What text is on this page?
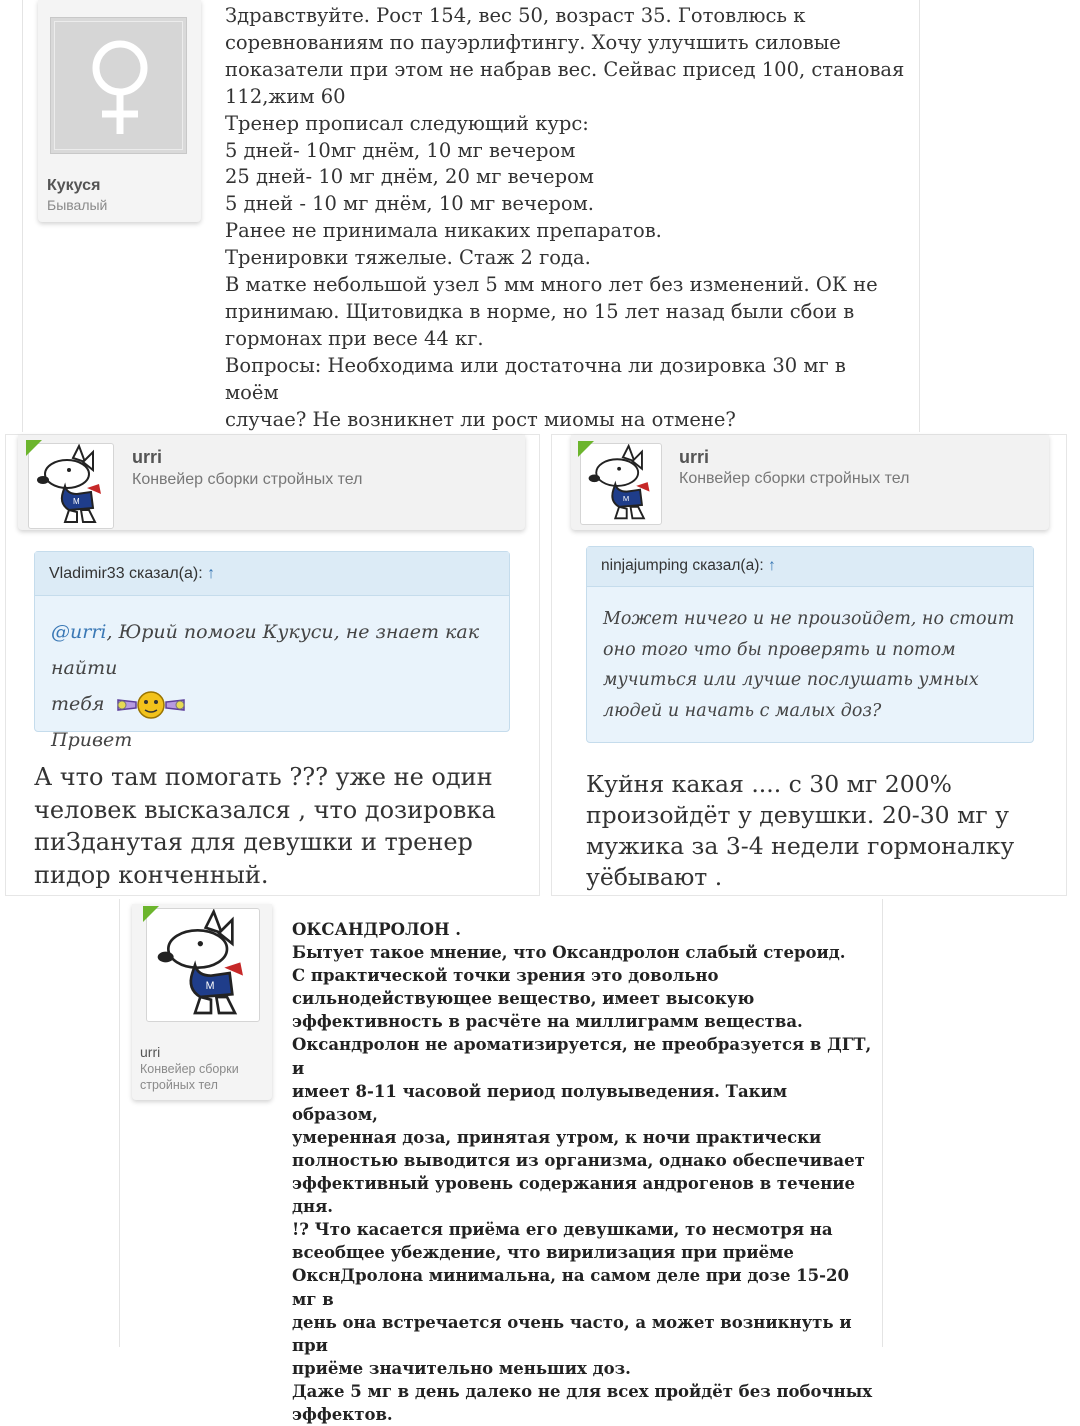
Кукуся
Бывалый
Здравствуйте. Рост 154, вес 50, возраст 35. Готовлюсь к
соревнованиям по пауэрлифтингу. Хочу улучшить силовые
показатели при этом не набрав вес. Сейвас присед 100, становая
112,жим 60
Тренер прописал следующий курс:
5 дней- 10мг днём, 10 мг вечером
25 дней- 10 мг днём, 20 мг вечером
5 дней - 10 мг днём, 10 мг вечером.
Ранее не принимала никаких препаратов.
Тренировки тяжелые. Стаж 2 года.
В матке небольшой узел 5 мм много лет без изменений. ОК не
принимаю. Щитовидка в норме, но 15 лет назад были сбои в
гормонах при весе 44 кг.
Вопросы: Необходима или достаточна ли дозировка 30 мг в моём
случае? Не возникнет ли рост миомы на отмене?

M
urri
Конвейер сборки стройных тел
Vladimir33 сказал(а): ↑
@urri, Юрий помоги Кукуси, не знает как найти
тебя
Привет
А что там помогать ??? уже не один человек высказался , что дозировка пиЗданутая для девушки и тренер пидор конченный.
M
urri
Конвейер сборки стройных тел
ninjajumping сказал(а): ↑
Может ничего и не произойдет, но стоит оно того что бы проверять и потом мучиться или лучше послушать умных людей и начать с малых доз?
Куйня какая .... с 30 мг 200% произойдёт у девушки. 20-30 мг у мужика за 3-4 недели гормоналку уёбывают .
M
urri
Конвейер сборки стройных тел
ОКСАНДРОЛОН .
Бытует такое мнение, что Оксандролон слабый стероид.
С практической точки зрения это довольно
сильнодействующее вещество, имеет высокую
эффективность в расчёте на миллиграмм вещества.
Оксандролон не ароматизируется, не преобразуется в ДГТ, и
имеет 8-11 часовой период полувыведения. Таким образом,
умеренная доза, принятая утром, к ночи практически
полностью выводится из организма, однако обеспечивает
эффективный уровень содержания андрогенов в течение
дня.
!? Что касается приёма его девушками, то несмотря на
всеобщее убеждение, что вирилизация при приёме
ОкснДролона минимальна, на самом деле при дозе 15-20 мг в
день она встречается очень часто, а может возникнуть и при
приёме значительно меньших доз.
Даже 5 мг в день далеко не для всех пройдёт без побочных
эффектов.
